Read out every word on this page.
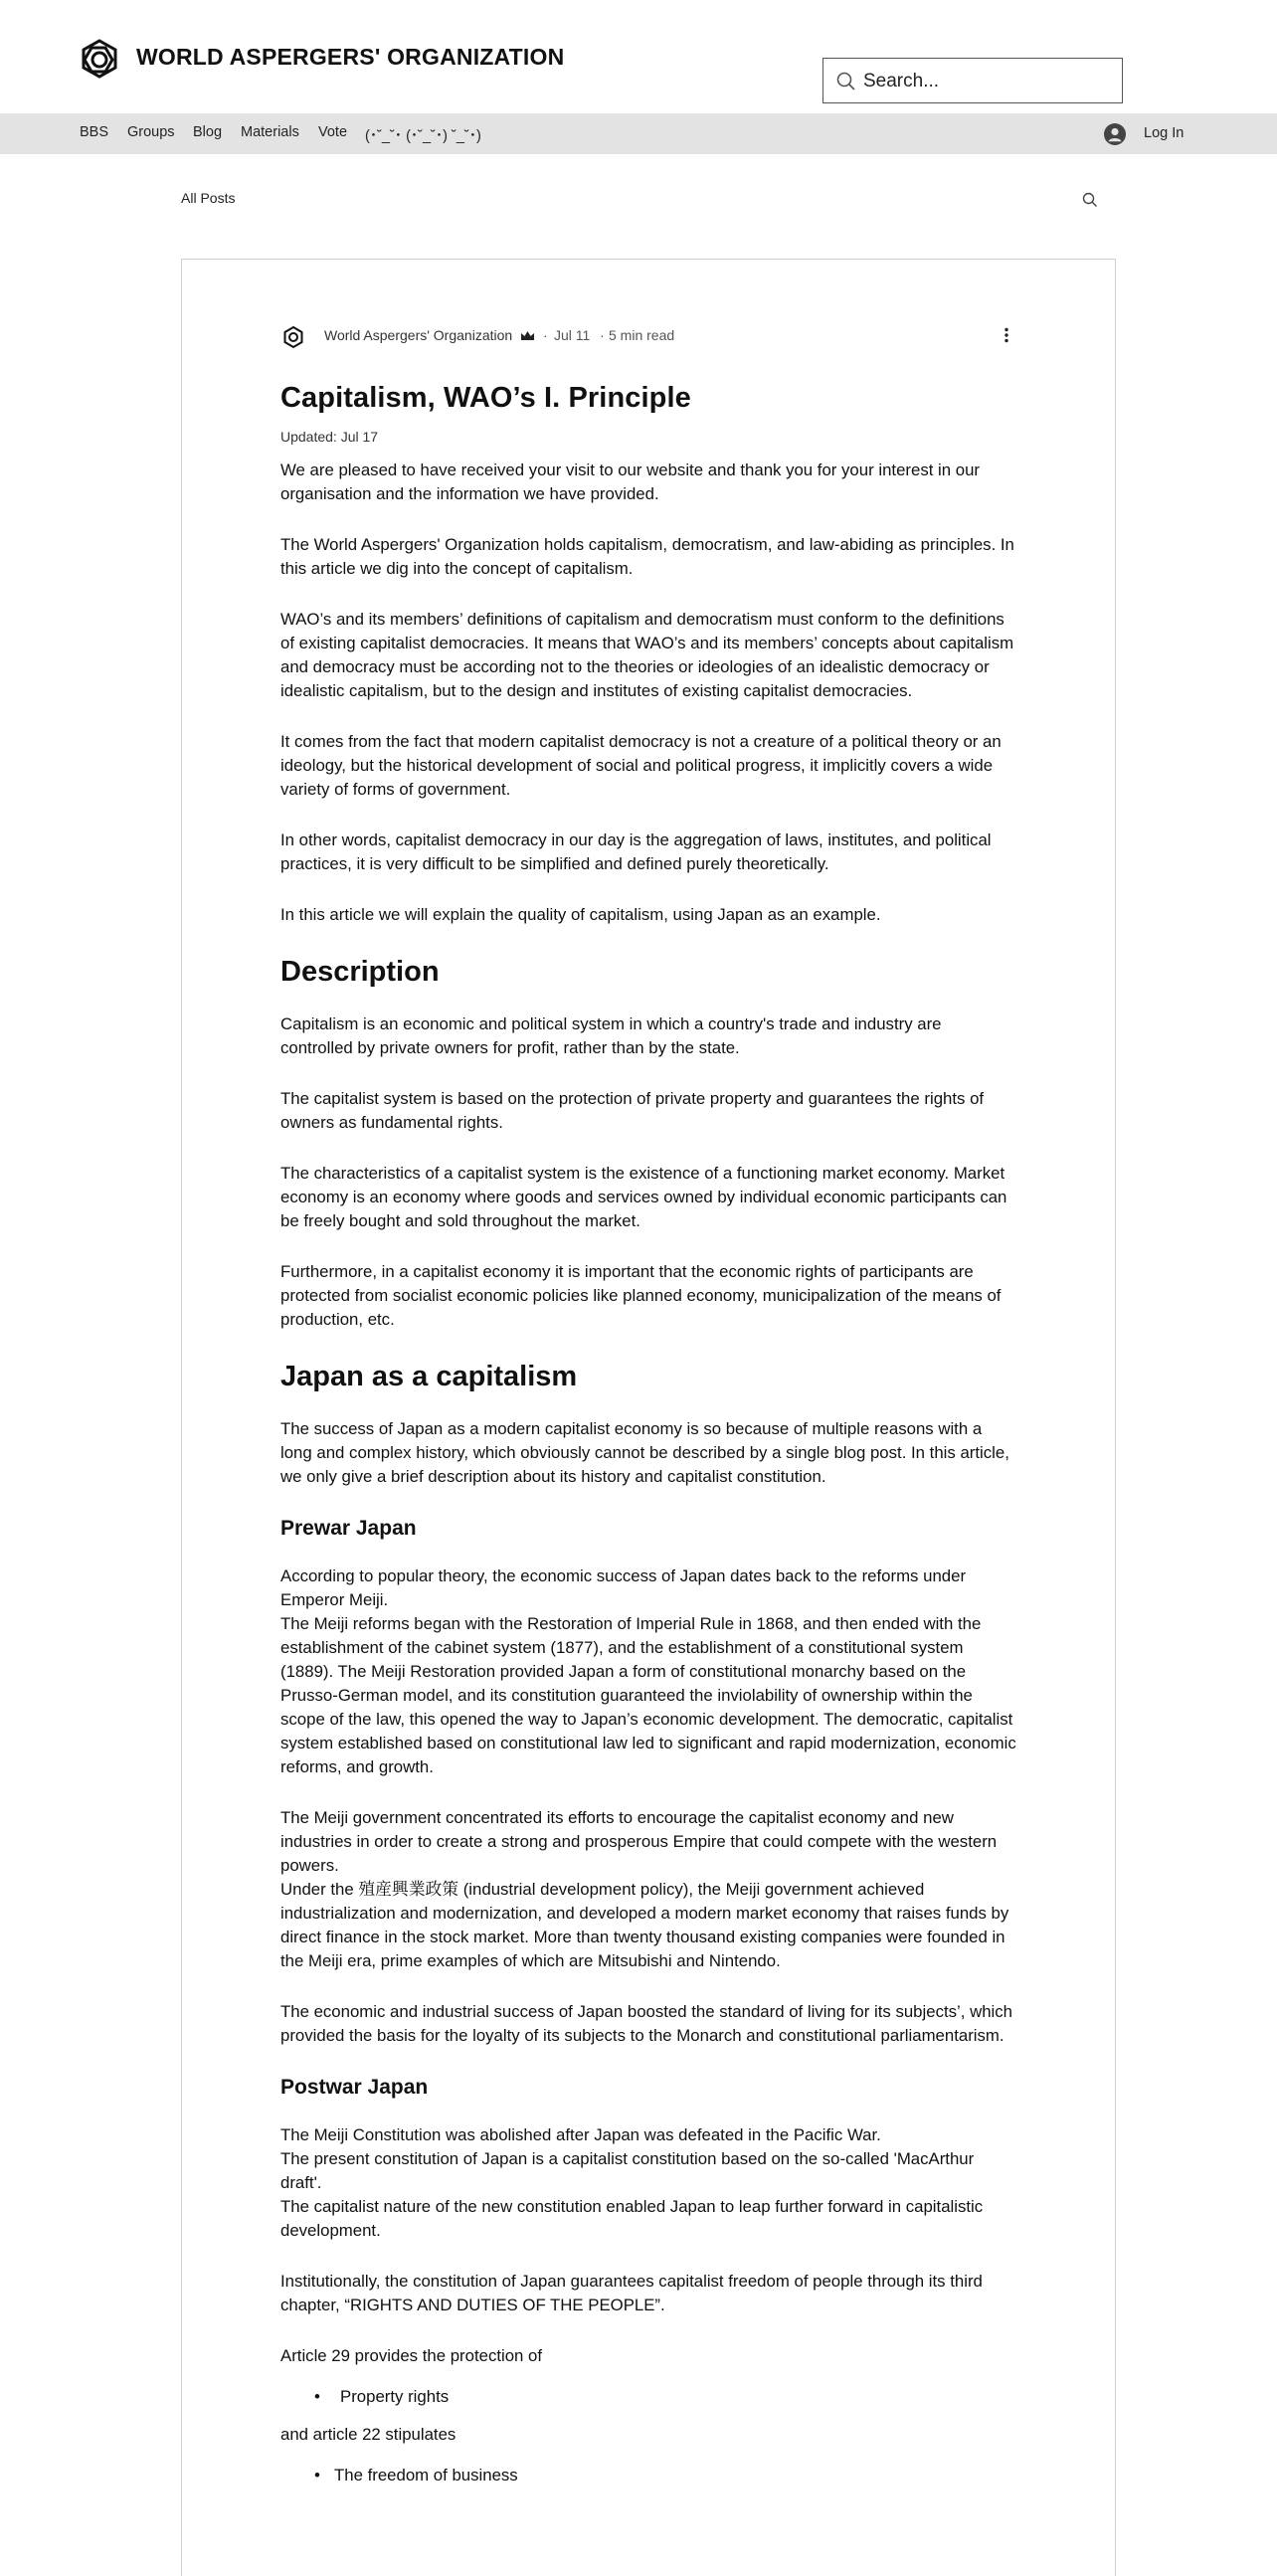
WORLD ASPERGERS' ORGANIZATION
Search...
BBS Groups Blog Materials Vote (･˘_˘･ (･˘_˘･) ˘_˘･)	Log In
All Posts
World Aspergers' Organization · Jul 11 · 5 min read
Capitalism, WAO’s I. Principle
Updated: Jul 17

We are pleased to have received your visit to our website and thank you for your interest in our organisation and the information we have provided.

The World Aspergers' Organization holds capitalism, democratism, and law-abiding as principles. In this article we dig into the concept of capitalism.

WAO’s and its members’ definitions of capitalism and democratism must conform to the definitions of existing capitalist democracies. It means that WAO’s and its members’ concepts about capitalism and democracy must be according not to the theories or ideologies of an idealistic democracy or idealistic capitalism, but to the design and institutes of existing capitalist democracies.

It comes from the fact that modern capitalist democracy is not a creature of a political theory or an ideology, but the historical development of social and political progress, it implicitly covers a wide variety of forms of government.

In other words, capitalist democracy in our day is the aggregation of laws, institutes, and political practices, it is very difficult to be simplified and defined purely theoretically.

In this article we will explain the quality of capitalism, using Japan as an example.

Description

Capitalism is an economic and political system in which a country's trade and industry are controlled by private owners for profit, rather than by the state.

The capitalist system is based on the protection of private property and guarantees the rights of owners as fundamental rights.

The characteristics of a capitalist system is the existence of a functioning market economy. Market economy is an economy where goods and services owned by individual economic participants can be freely bought and sold throughout the market.

Furthermore, in a capitalist economy it is important that the economic rights of participants are protected from socialist economic policies like planned economy, municipalization of the means of production, etc.

Japan as a capitalism

The success of Japan as a modern capitalist economy is so because of multiple reasons with a long and complex history, which obviously cannot be described by a single blog post. In this article, we only give a brief description about its history and capitalist constitution.

Prewar Japan

According to popular theory, the economic success of Japan dates back to the reforms under Emperor Meiji.

The Meiji reforms began with the Restoration of Imperial Rule in 1868, and then ended with the establishment of the cabinet system (1877), and the establishment of a constitutional system (1889). The Meiji Restoration provided Japan a form of constitutional monarchy based on the Prusso-German model, and its constitution guaranteed the inviolability of ownership within the scope of the law, this opened the way to Japan’s economic development. The democratic, capitalist system established based on constitutional law led to significant and rapid modernization, economic reforms, and growth.

The Meiji government concentrated its efforts to encourage the capitalist economy and new industries in order to create a strong and prosperous Empire that could compete with the western powers.

Under the 殖産興業政策 (industrial development policy), the Meiji government achieved industrialization and modernization, and developed a modern market economy that raises funds by direct finance in the stock market. More than twenty thousand existing companies were founded in the Meiji era, prime examples of which are Mitsubishi and Nintendo.

The economic and industrial success of Japan boosted the standard of living for its subjects’, which provided the basis for the loyalty of its subjects to the Monarch and constitutional parliamentarism.

Postwar Japan

The Meiji Constitution was abolished after Japan was defeated in the Pacific War.

The present constitution of Japan is a capitalist constitution based on the so-called 'MacArthur draft'.

The capitalist nature of the new constitution enabled Japan to leap further forward in capitalistic development.

Institutionally, the constitution of Japan guarantees capitalist freedom of people through its third chapter, “RIGHTS AND DUTIES OF THE PEOPLE”.

Article 29 provides the protection of

• Property rights

and article 22 stipulates

• The freedom of business
